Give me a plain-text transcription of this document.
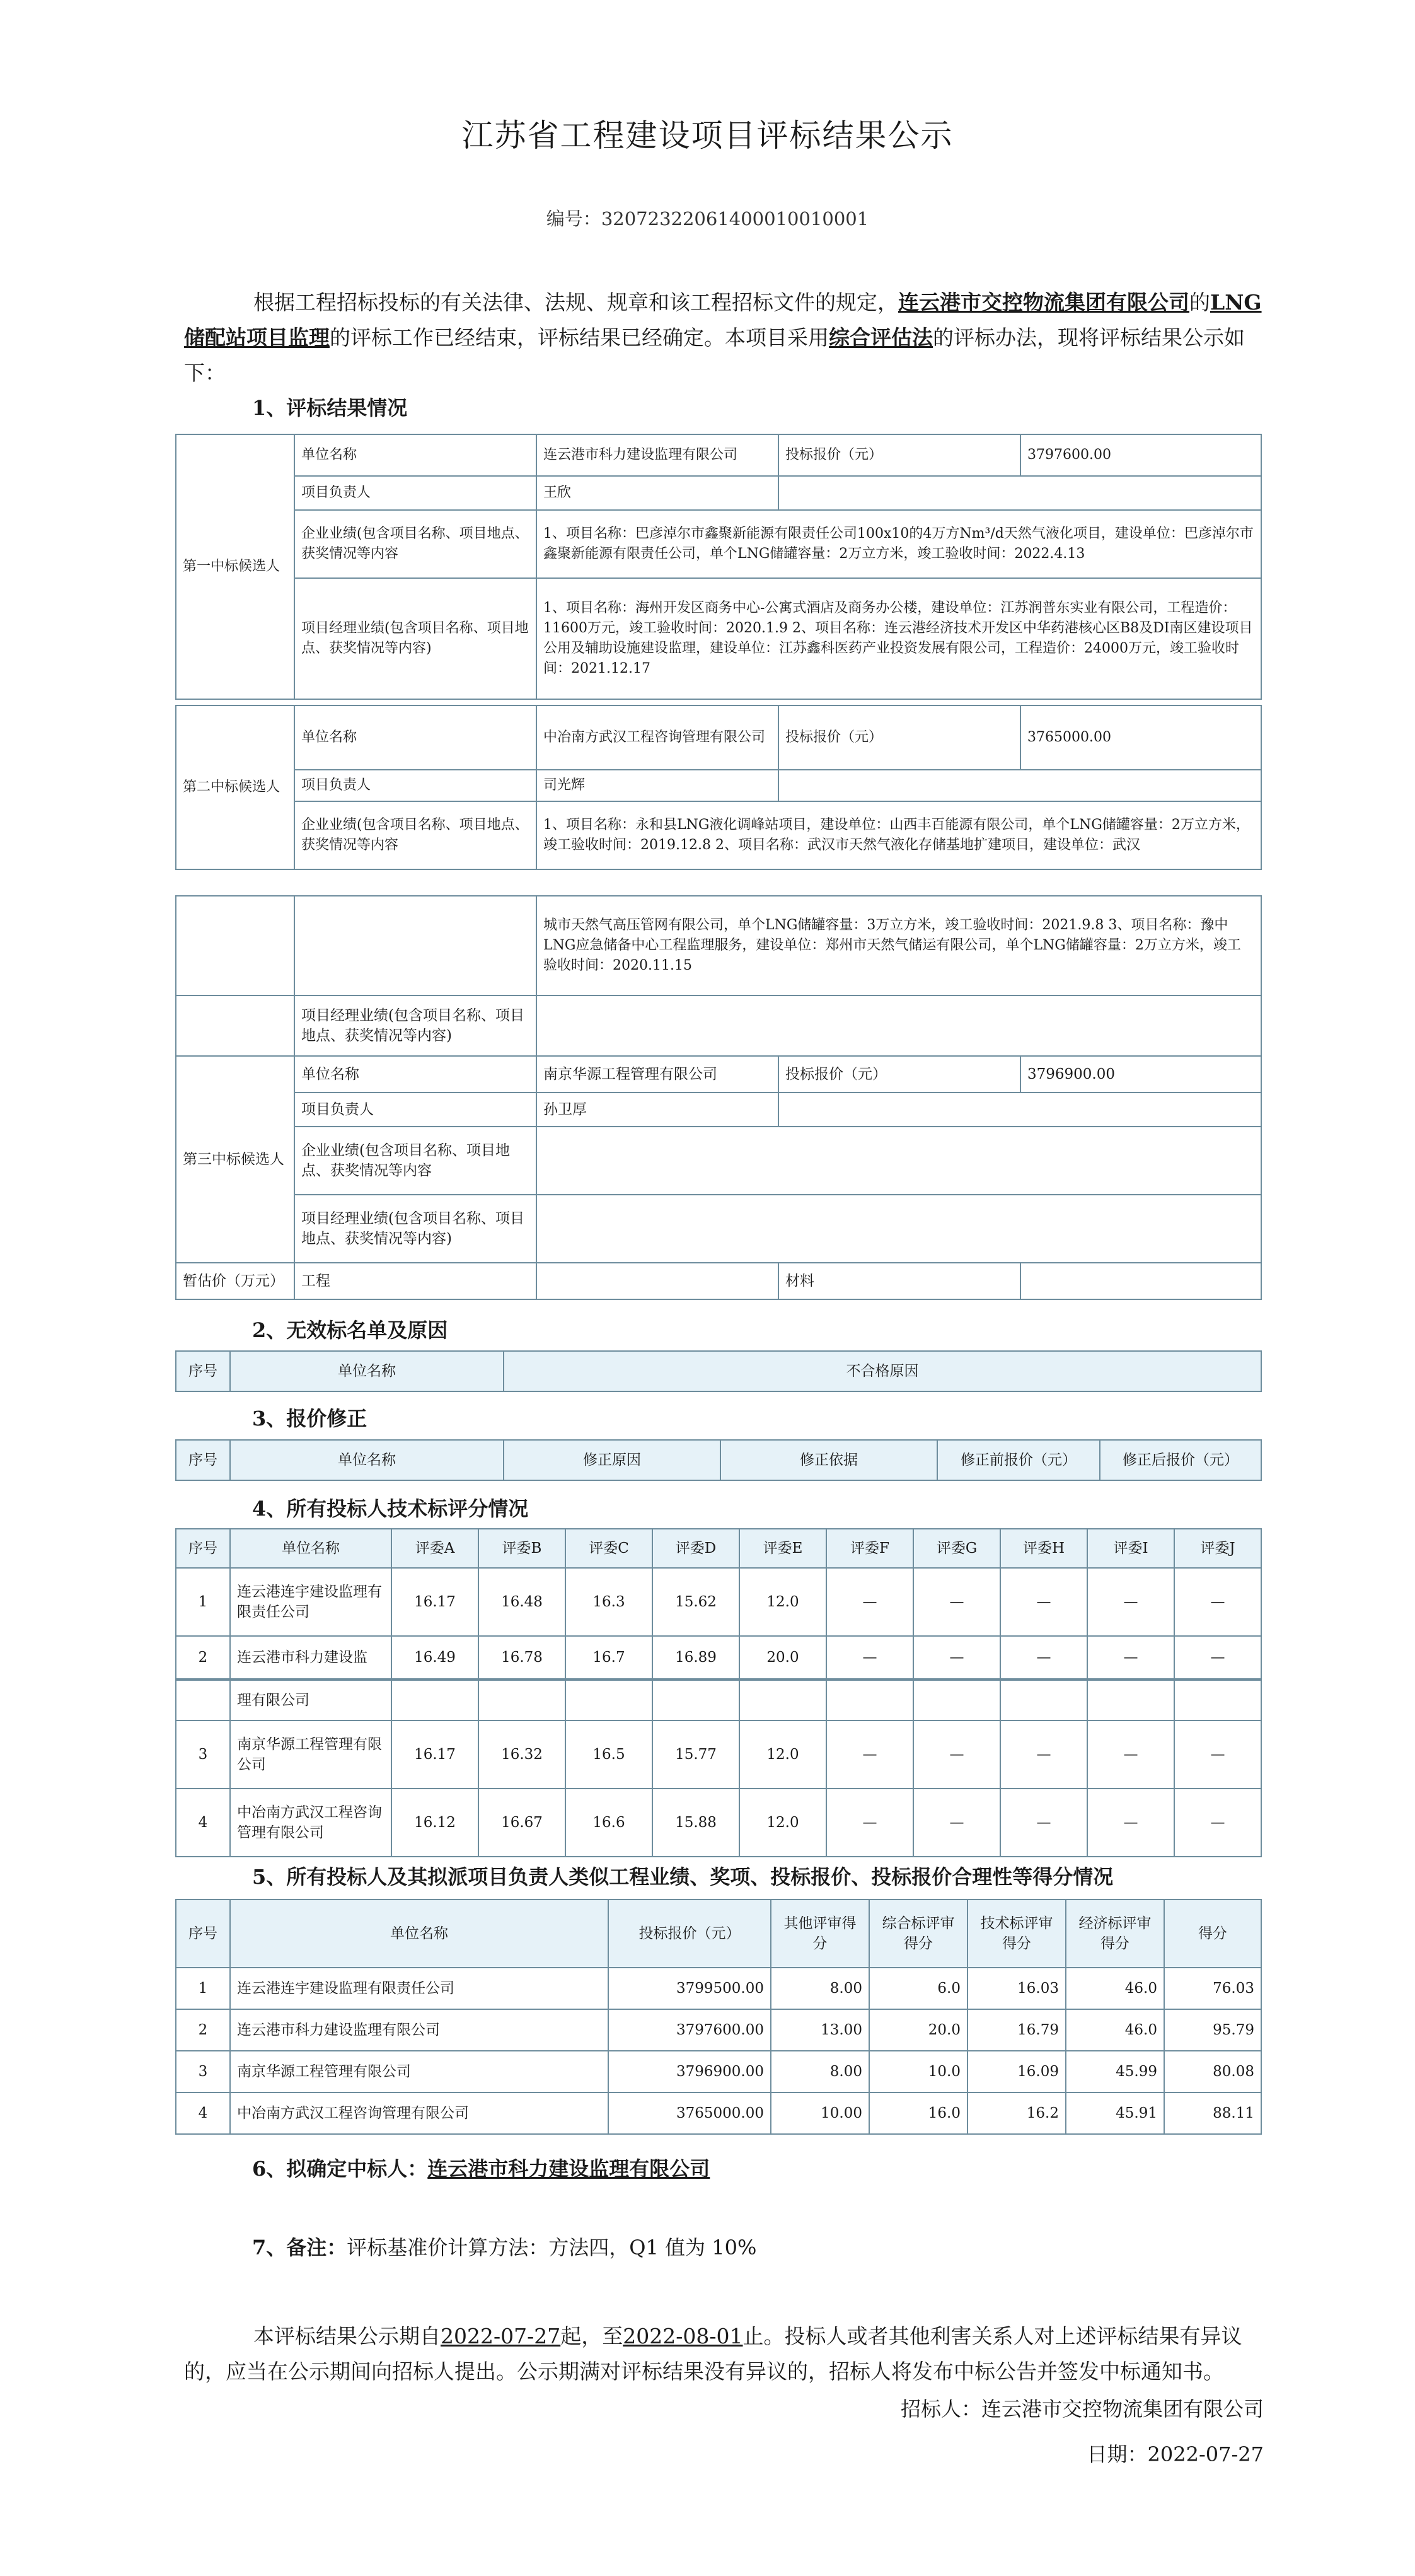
江苏省工程建设项目评标结果公示
编号：32072322061400010010001
根据工程招标投标的有关法律、法规、规章和该工程招标文件的规定，连云港市交控物流集团有限公司的LNG储配站项目监理的评标工作已经结束，评标结果已经确定。本项目采用综合评估法的评标办法，现将评标结果公示如下：
1、评标结果情况
第一中标候选人	单位名称	连云港市科力建设监理有限公司	投标报价（元）	3797600.00
	项目负责人	王欣		
	企业业绩(包含项目名称、项目地点、获奖情况等内容	1、项目名称：巴彦淖尔市鑫聚新能源有限责任公司100x10的4万方Nm³/d天然气液化项目，建设单位：巴彦淖尔市鑫聚新能源有限责任公司，单个LNG储罐容量：2万立方米，竣工验收时间：2022.4.13		
	项目经理业绩(包含项目名称、项目地点、获奖情况等内容)	1、项目名称：海州开发区商务中心-公寓式酒店及商务办公楼，建设单位：江苏润普东实业有限公司，工程造价：11600万元，竣工验收时间：2020.1.9 2、项目名称：连云港经济技术开发区中华药港核心区B8及DI南区建设项目公用及辅助设施建设监理，建设单位：江苏鑫科医药产业投资发展有限公司，工程造价：24000万元，竣工验收时间：2021.12.17		
第二中标候选人	单位名称	中冶南方武汉工程咨询管理有限公司	投标报价（元）	3765000.00
	项目负责人	司光辉		
	企业业绩(包含项目名称、项目地点、获奖情况等内容	1、项目名称：永和县LNG液化调峰站项目，建设单位：山西丰百能源有限公司，单个LNG储罐容量：2万立方米，竣工验收时间：2019.12.8 2、项目名称：武汉市天然气液化存储基地扩建项目，建设单位：武汉		
		城市天然气高压管网有限公司，单个LNG储罐容量：3万立方米，竣工验收时间：2021.9.8 3、项目名称：豫中LNG应急储备中心工程监理服务，建设单位：郑州市天然气储运有限公司，单个LNG储罐容量：2万立方米，竣工验收时间：2020.11.15		
	项目经理业绩(包含项目名称、项目地点、获奖情况等内容)			
第三中标候选人	单位名称	南京华源工程管理有限公司	投标报价（元）	3796900.00
	项目负责人	孙卫厚		
	企业业绩(包含项目名称、项目地点、获奖情况等内容			
	项目经理业绩(包含项目名称、项目地点、获奖情况等内容)			
暂估价（万元）	工程		材料	
2、无效标名单及原因
序号	单位名称	不合格原因
3、报价修正
序号	单位名称	修正原因	修正依据	修正前报价（元）	修正后报价（元）
4、所有投标人技术标评分情况
序号	单位名称	评委A	评委B	评委C	评委D	评委E	评委F	评委G	评委H	评委I	评委J
1	连云港连宇建设监理有限责任公司	16.17	16.48	16.3	15.62	12.0	—	—	—	—	—
2	连云港市科力建设监	16.49	16.78	16.7	16.89	20.0	—	—	—	—	—
	理有限公司										
3	南京华源工程管理有限公司	16.17	16.32	16.5	15.77	12.0	—	—	—	—	—
4	中冶南方武汉工程咨询管理有限公司	16.12	16.67	16.6	15.88	12.0	—	—	—	—	—
5、所有投标人及其拟派项目负责人类似工程业绩、奖项、投标报价、投标报价合理性等得分情况
序号	单位名称	投标报价（元）	其他评审得分	综合标评审得分	技术标评审得分	经济标评审得分	得分
1	连云港连宇建设监理有限责任公司	3799500.00	8.00	6.0	16.03	46.0	76.03
2	连云港市科力建设监理有限公司	3797600.00	13.00	20.0	16.79	46.0	95.79
3	南京华源工程管理有限公司	3796900.00	8.00	10.0	16.09	45.99	80.08
4	中冶南方武汉工程咨询管理有限公司	3765000.00	10.00	16.0	16.2	45.91	88.11
6、拟确定中标人：连云港市科力建设监理有限公司
7、备注：评标基准价计算方法：方法四，Q1 值为 10%
本评标结果公示期自2022-07-27起，至2022-08-01止。投标人或者其他利害关系人对上述评标结果有异议的，应当在公示期间向招标人提出。公示期满对评标结果没有异议的，招标人将发布中标公告并签发中标通知书。
招标人：连云港市交控物流集团有限公司
日期：2022-07-27
